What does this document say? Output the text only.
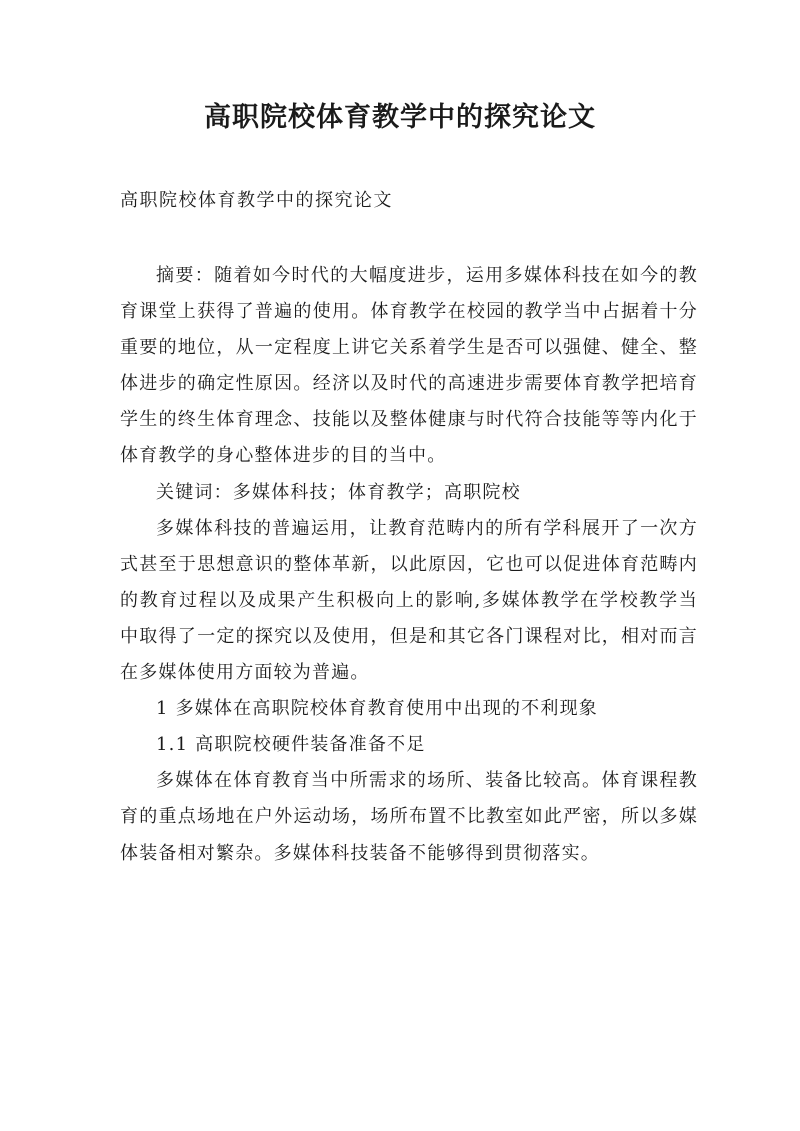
高职院校体育教学中的探究论文
高职院校体育教学中的探究论文

摘要：随着如今时代的大幅度进步，运用多媒体科技在如今的教育课堂上获得了普遍的使用。体育教学在校园的教学当中占据着十分重要的地位，从一定程度上讲它关系着学生是否可以强健、健全、整体进步的确定性原因。经济以及时代的高速进步需要体育教学把培育学生的终生体育理念、技能以及整体健康与时代符合技能等等内化于体育教学的身心整体进步的目的当中。

关键词：多媒体科技；体育教学；高职院校

多媒体科技的普遍运用，让教育范畴内的所有学科展开了一次方式甚至于思想意识的整体革新，以此原因，它也可以促进体育范畴内的教育过程以及成果产生积极向上的影响,多媒体教学在学校教学当中取得了一定的探究以及使用，但是和其它各门课程对比，相对而言在多媒体使用方面较为普遍。

1 多媒体在高职院校体育教育使用中出现的不利现象

1.1 高职院校硬件装备准备不足

多媒体在体育教育当中所需求的场所、装备比较高。体育课程教育的重点场地在户外运动场，场所布置不比教室如此严密，所以多媒体装备相对繁杂。多媒体科技装备不能够得到贯彻落实。
